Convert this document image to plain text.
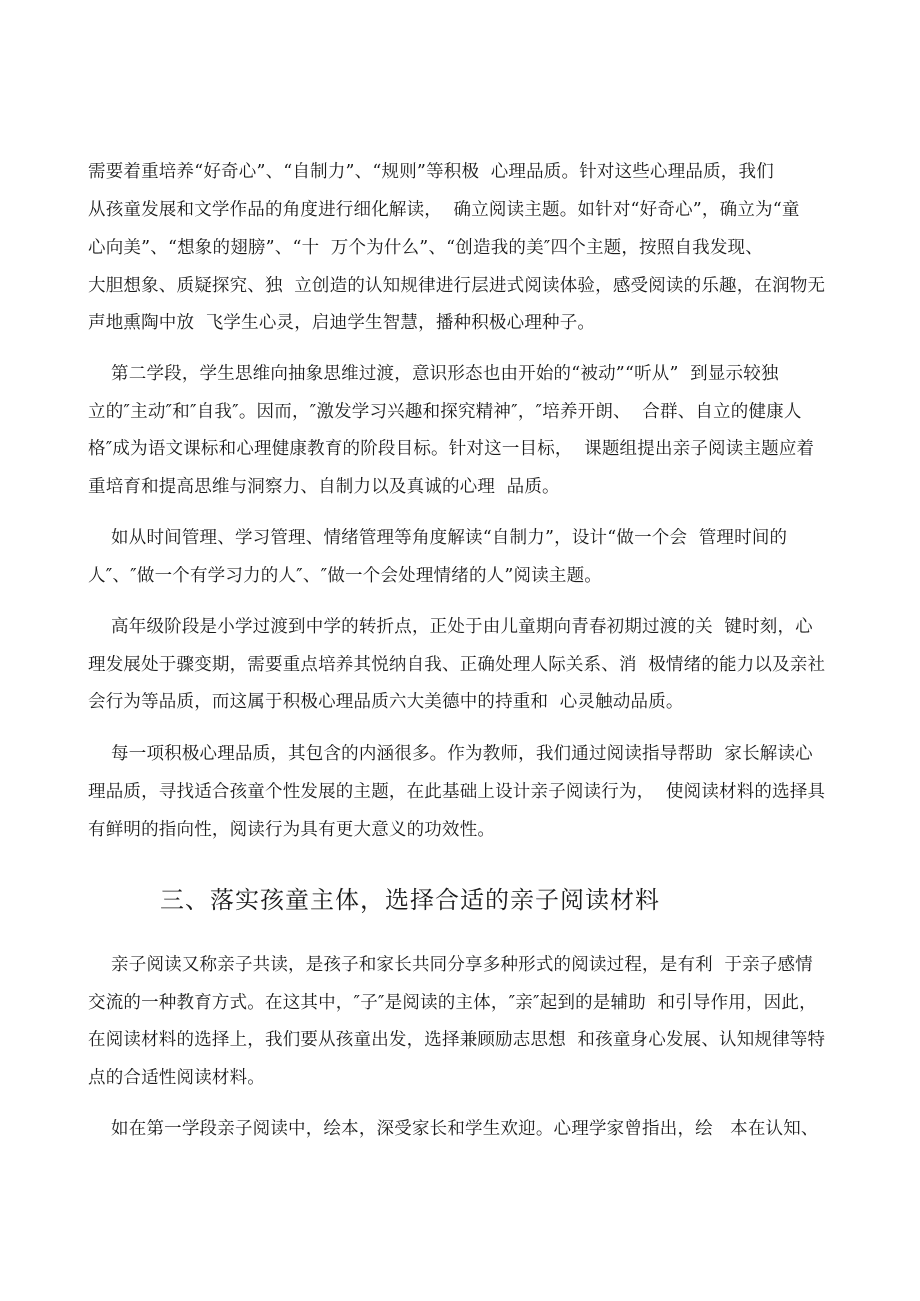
需要着重培养“好奇心”、“自制力”、“规则”等积极  心理品质。针对这些心理品质，我们
从孩童发展和文学作品的角度进行细化解读，  确立阅读主题。如针对“好奇心”，确立为“童
心向美”、“想象的翅膀”、“十  万个为什么”、“创造我的美″四个主题，按照自我发现、
大胆想象、质疑探究、独  立创造的认知规律进行层进式阅读体验，感受阅读的乐趣，在润物无
声地熏陶中放  飞学生心灵，启迪学生智慧，播种积极心理种子。
第二学段，学生思维向抽象思维过渡，意识形态也由开始的“被动”“听从”  到显示较独
立的″主动″和″自我″。因而，″激发学习兴趣和探究精神″，″培养开朗、  合群、自立的健康人
格″成为语文课标和心理健康教育的阶段目标。针对这一目标，  课题组提出亲子阅读主题应着
重培育和提高思维与洞察力、自制力以及真诚的心理  品质。
如从时间管理、学习管理、情绪管理等角度解读“自制力”，设计“做一个会  管理时间的
人″、″做一个有学习力的人″、″做一个会处理情绪的人”阅读主题。
高年级阶段是小学过渡到中学的转折点，正处于由儿童期向青春初期过渡的关  键时刻，心
理发展处于骤变期，需要重点培养其悦纳自我、正确处理人际关系、消  极情绪的能力以及亲社
会行为等品质，而这属于积极心理品质六大美德中的持重和  心灵触动品质。
每一项积极心理品质，其包含的内涵很多。作为教师，我们通过阅读指导帮助  家长解读心
理品质，寻找适合孩童个性发展的主题，在此基础上设计亲子阅读行为，  使阅读材料的选择具
有鲜明的指向性，阅读行为具有更大意义的功效性。
三、落实孩童主体，选择合适的亲子阅读材料
亲子阅读又称亲子共读，是孩子和家长共同分享多种形式的阅读过程，是有利  于亲子感情
交流的一种教育方式。在这其中，″子″是阅读的主体，″亲″起到的是辅助  和引导作用，因此，
在阅读材料的选择上，我们要从孩童出发，选择兼顾励志思想  和孩童身心发展、认知规律等特
点的合适性阅读材料。
如在第一学段亲子阅读中，绘本，深受家长和学生欢迎。心理学家曾指出，绘   本在认知、
